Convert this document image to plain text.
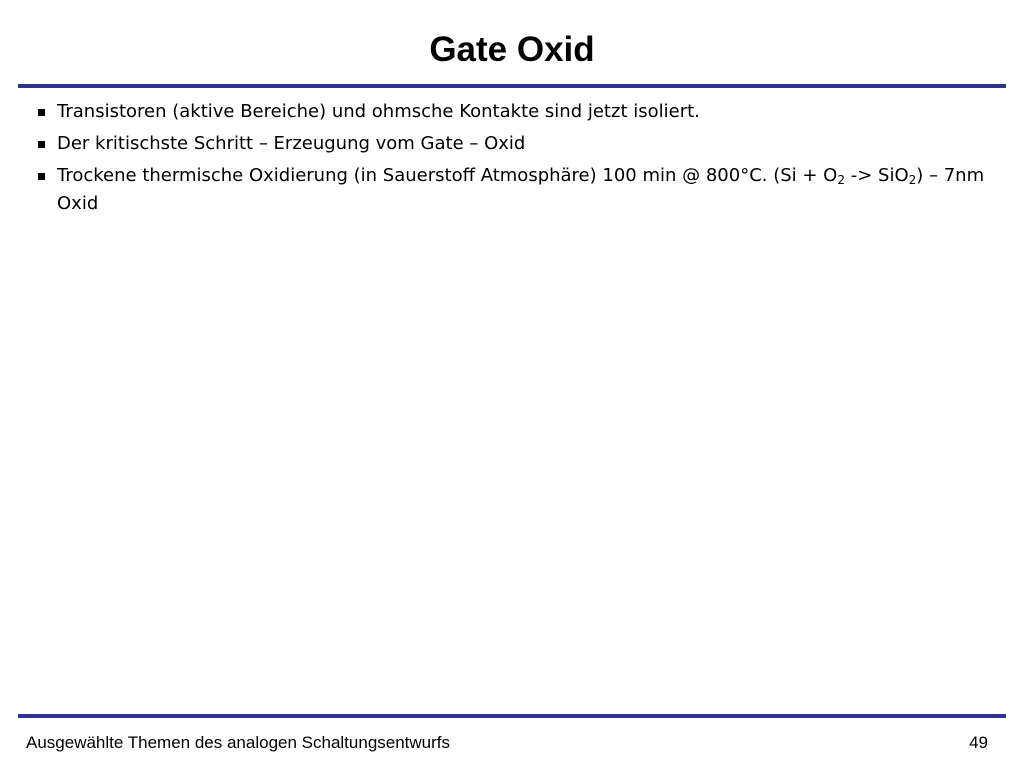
Gate Oxid
Transistoren (aktive Bereiche) und ohmsche Kontakte sind jetzt isoliert.
Der kritischste Schritt – Erzeugung vom Gate – Oxid
Trockene thermische Oxidierung (in Sauerstoff Atmosphäre) 100 min @ 800°C. $(Si + O_2 -> SiO_2) - 7nm$ Oxid
Ausgewählte Themen des analogen Schaltungsentwurfs	49
